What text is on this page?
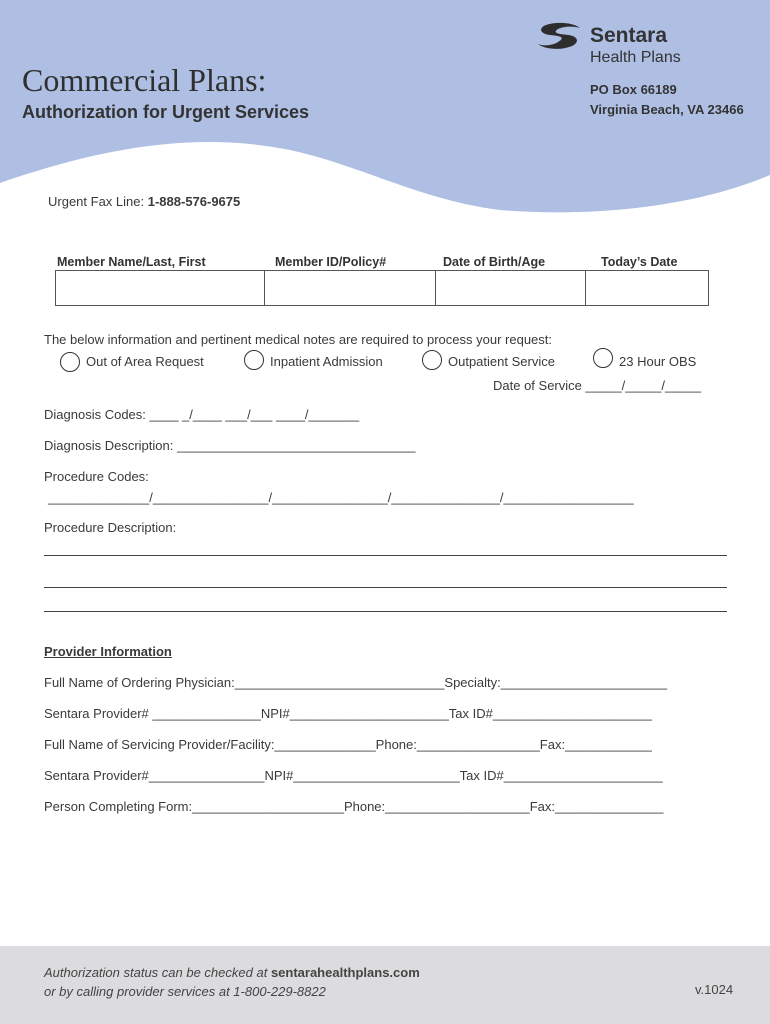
Commercial Plans:
Authorization for Urgent Services
Sentara
Health Plans
PO Box 66189
Virginia Beach, VA 23466
Urgent Fax Line: 1-888-576-9675
Member Name/Last, First	Member ID/Policy#	Date of Birth/Age	Today’s Date
The below information and pertinent medical notes are required to process your request:
Out of Area Request	Inpatient Admission	Outpatient Service	23 Hour OBS
Date of Service _____/_____/_____
Diagnosis Codes: ____ _/____ ___/___ ____/_______
Diagnosis Description: _________________________________
Procedure Codes:
______________/________________/________________/_______________/__________________
Procedure Description:
Provider Information
Full Name of Ordering Physician:_____________________________Specialty:_______________________
Sentara Provider# _______________NPI#______________________Tax ID#______________________
Full Name of Servicing Provider/Facility:______________Phone:_________________Fax:____________
Sentara Provider#________________NPI#_______________________Tax ID#______________________
Person Completing Form:_____________________Phone:____________________Fax:_______________
Authorization status can be checked at sentarahealthplans.com
or by calling provider services at 1-800-229-8822	v.1024
